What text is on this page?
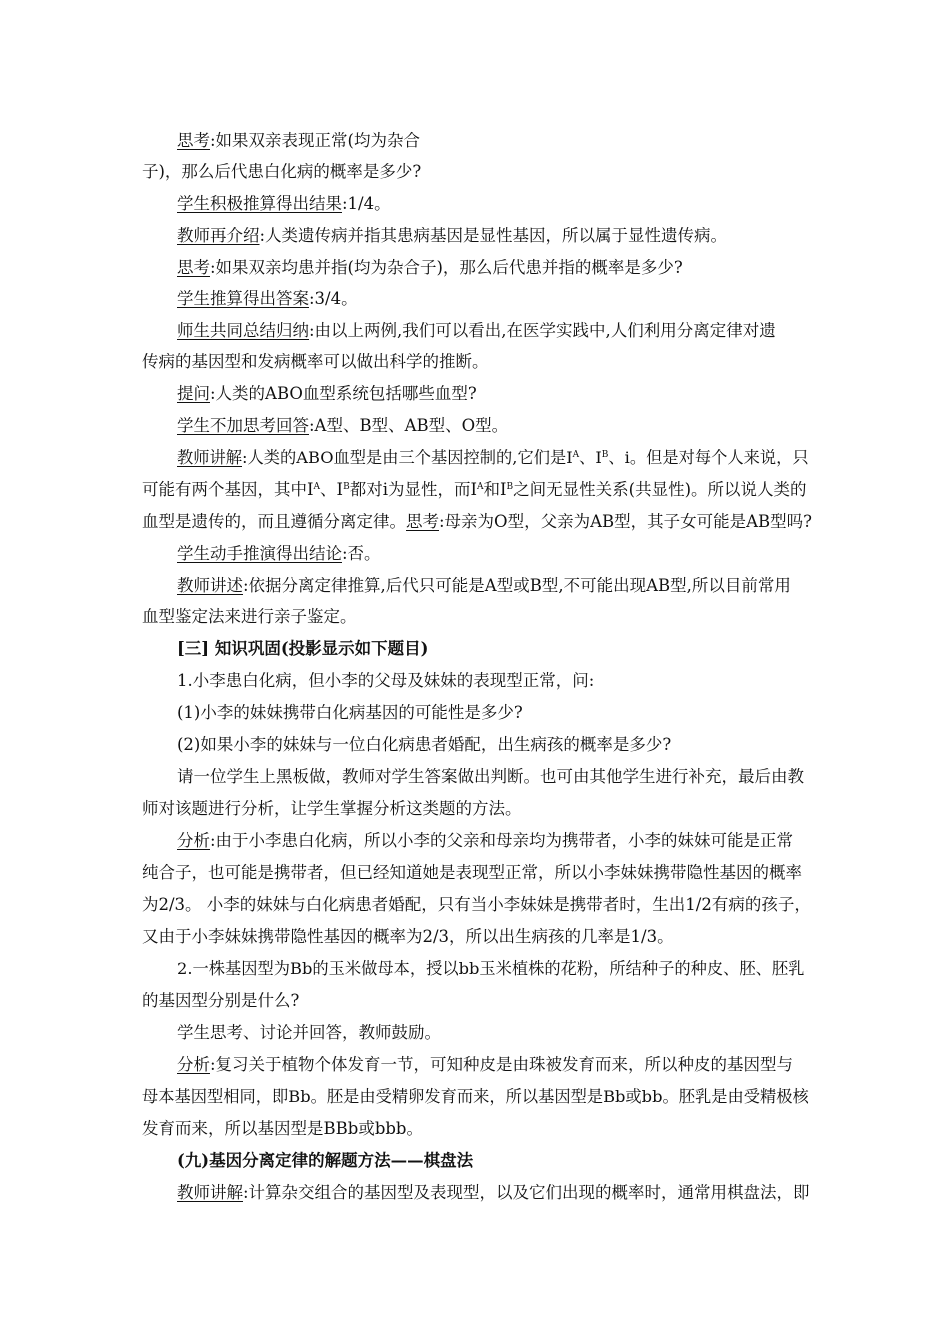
思考:如果双亲表现正常(均为杂合
子)，那么后代患白化病的概率是多少?
学生积极推算得出结果:1/4。
教师再介绍:人类遗传病并指其患病基因是显性基因，所以属于显性遗传病。
思考:如果双亲均患并指(均为杂合子)，那么后代患并指的概率是多少?
学生推算得出答案:3/4。
师生共同总结归纳:由以上两例,我们可以看出,在医学实践中,人们利用分离定律对遗
传病的基因型和发病概率可以做出科学的推断。
提问:人类的ABO血型系统包括哪些血型?
学生不加思考回答:A型、B型、AB型、O型。
教师讲解:人类的ABO血型是由三个基因控制的,它们是$I^A$、$I^B$、i。但是对每个人来说，只
可能有两个基因，其中$I^A$、$I^B$都对i为显性，而$I^A$和$I^B$之间无显性关系(共显性)。所以说人类的
血型是遗传的，而且遵循分离定律。思考:母亲为O型，父亲为AB型，其子女可能是AB型吗?
学生动手推演得出结论:否。
教师讲述:依据分离定律推算,后代只可能是A型或B型,不可能出现AB型,所以目前常用
血型鉴定法来进行亲子鉴定。
[三] 知识巩固(投影显示如下题目)
1.小李患白化病，但小李的父母及妹妹的表现型正常，问:
(1)小李的妹妹携带白化病基因的可能性是多少?
(2)如果小李的妹妹与一位白化病患者婚配，出生病孩的概率是多少?
请一位学生上黑板做，教师对学生答案做出判断。也可由其他学生进行补充，最后由教
师对该题进行分析，让学生掌握分析这类题的方法。
分析:由于小李患白化病，所以小李的父亲和母亲均为携带者，小李的妹妹可能是正常
纯合子，也可能是携带者，但已经知道她是表现型正常，所以小李妹妹携带隐性基因的概率
为2/3。 小李的妹妹与白化病患者婚配，只有当小李妹妹是携带者时，生出1/2有病的孩子，
又由于小李妹妹携带隐性基因的概率为2/3，所以出生病孩的几率是1/3。
2.一株基因型为Bb的玉米做母本，授以bb玉米植株的花粉，所结种子的种皮、胚、胚乳
的基因型分别是什么?
学生思考、讨论并回答，教师鼓励。
分析:复习关于植物个体发育一节，可知种皮是由珠被发育而来，所以种皮的基因型与
母本基因型相同，即Bb。胚是由受精卵发育而来，所以基因型是Bb或bb。胚乳是由受精极核
发育而来，所以基因型是BBb或bbb。
(九)基因分离定律的解题方法——棋盘法
教师讲解:计算杂交组合的基因型及表现型，以及它们出现的概率时，通常用棋盘法，即
